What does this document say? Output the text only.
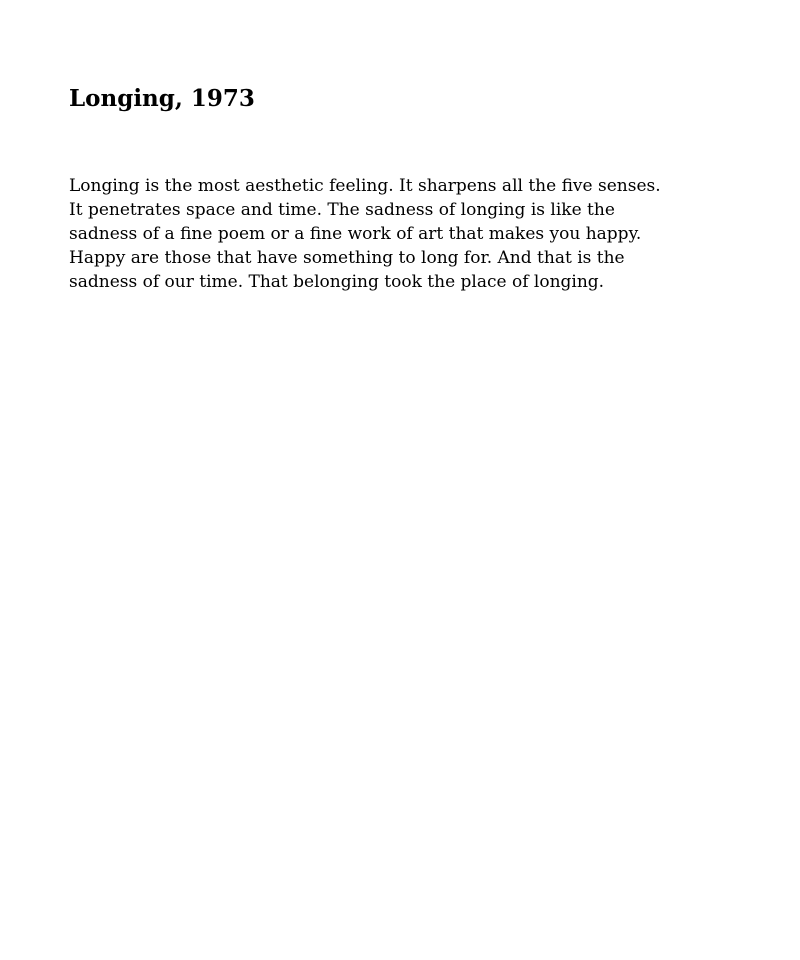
Longing, 1973
Longing is the most aesthetic feeling. It sharpens all the five senses.
It penetrates space and time. The sadness of longing is like the
sadness of a fine poem or a fine work of art that makes you happy.
Happy are those that have something to long for. And that is the
sadness of our time. That belonging took the place of longing.
